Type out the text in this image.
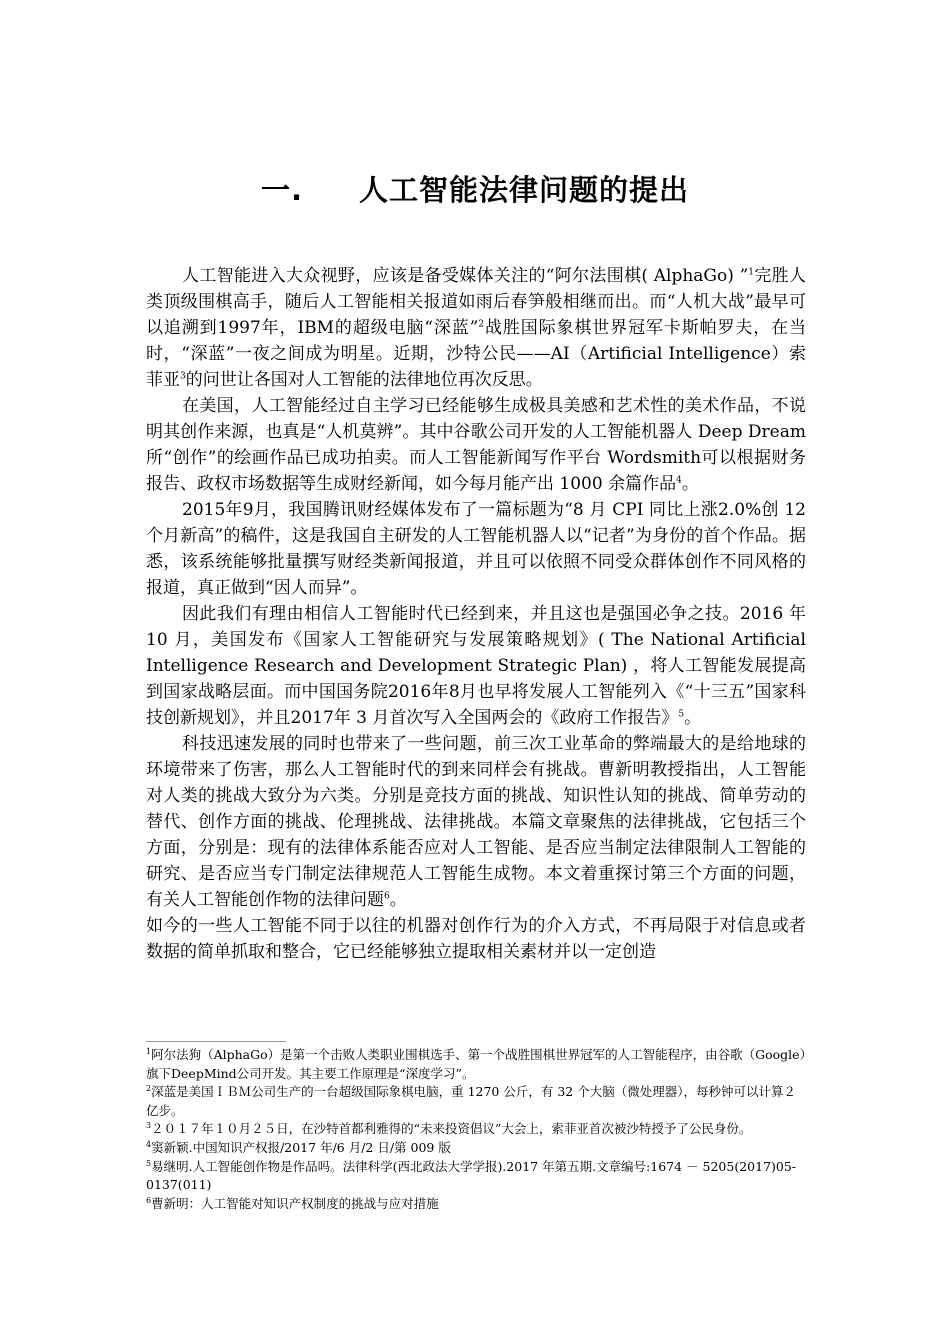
一. 人工智能法律问题的提出

人工智能进入大众视野，应该是备受媒体关注的“阿尔法围棋( AlphaGo) ”$^1$完胜人类顶级围棋高手，随后人工智能相关报道如雨后春笋般相继而出。而“人机大战”最早可以追溯到1997年，IBM的超级电脑“深蓝”$^2$战胜国际象棋世界冠军卡斯帕罗夫，在当时，“深蓝”一夜之间成为明星。近期，沙特公民——AI（Artificial Intelligence）索菲亚$^3$的问世让各国对人工智能的法律地位再次反思。

在美国，人工智能经过自主学习已经能够生成极具美感和艺术性的美术作品，不说明其创作来源，也真是“人机莫辨”。其中谷歌公司开发的人工智能机器人 Deep Dream 所“创作”的绘画作品已成功拍卖。而人工智能新闻写作平台 Wordsmith可以根据财务报告、政权市场数据等生成财经新闻，如今每月能产出 1000 余篇作品$^4$。

2015年9月，我国腾讯财经媒体发布了一篇标题为“8 月 CPI 同比上涨2.0%创 12 个月新高”的稿件，这是我国自主研发的人工智能机器人以“记者”为身份的首个作品。据悉，该系统能够批量撰写财经类新闻报道，并且可以依照不同受众群体创作不同风格的报道，真正做到“因人而异”。

因此我们有理由相信人工智能时代已经到来，并且这也是强国必争之技。2016 年 10 月，美国发布《国家人工智能研究与发展策略规划》( The National Artificial Intelligence Research and Development Strategic Plan) ，将人工智能发展提高到国家战略层面。而中国国务院2016年8月也早将发展人工智能列入《“十三五”国家科技创新规划》，并且2017年 3 月首次写入全国两会的《政府工作报告》$^5$。

科技迅速发展的同时也带来了一些问题，前三次工业革命的弊端最大的是给地球的环境带来了伤害，那么人工智能时代的到来同样会有挑战。曹新明教授指出，人工智能对人类的挑战大致分为六类。分别是竞技方面的挑战、知识性认知的挑战、简单劳动的替代、创作方面的挑战、伦理挑战、法律挑战。本篇文章聚焦的法律挑战，它包括三个方面，分别是：现有的法律体系能否应对人工智能、是否应当制定法律限制人工智能的研究、是否应当专门制定法律规范人工智能生成物。本文着重探讨第三个方面的问题，有关人工智能创作物的法律问题$^6$。

如今的一些人工智能不同于以往的机器对创作行为的介入方式，不再局限于对信息或者数据的简单抓取和整合，它已经能够独立提取相关素材并以一定创造

$^1$阿尔法狗（AlphaGo）是第一个击败人类职业围棋选手、第一个战胜围棋世界冠军的人工智能程序，由谷歌（Google）旗下DeepMind公司开发。其主要工作原理是“深度学习”。

$^2$深蓝是美国ＩＢＭ公司生产的一台超级国际象棋电脑，重 1270 公斤，有 32 个大脑（微处理器），每秒钟可以计算２亿步。

$^3$２０１７年１０月２５日，在沙特首都利雅得的“未来投资倡议”大会上，索菲亚首次被沙特授予了公民身份。

$^4$窦新颖.中国知识产权报/2017 年/6 月/2 日/第 009 版

$^5$易继明.人工智能创作物是作品吗。法律科学(西北政法大学学报).2017 年第五期.文章编号:1674 － 5205(2017)05-0137(011)

$^6$曹新明：人工智能对知识产权制度的挑战与应对措施
